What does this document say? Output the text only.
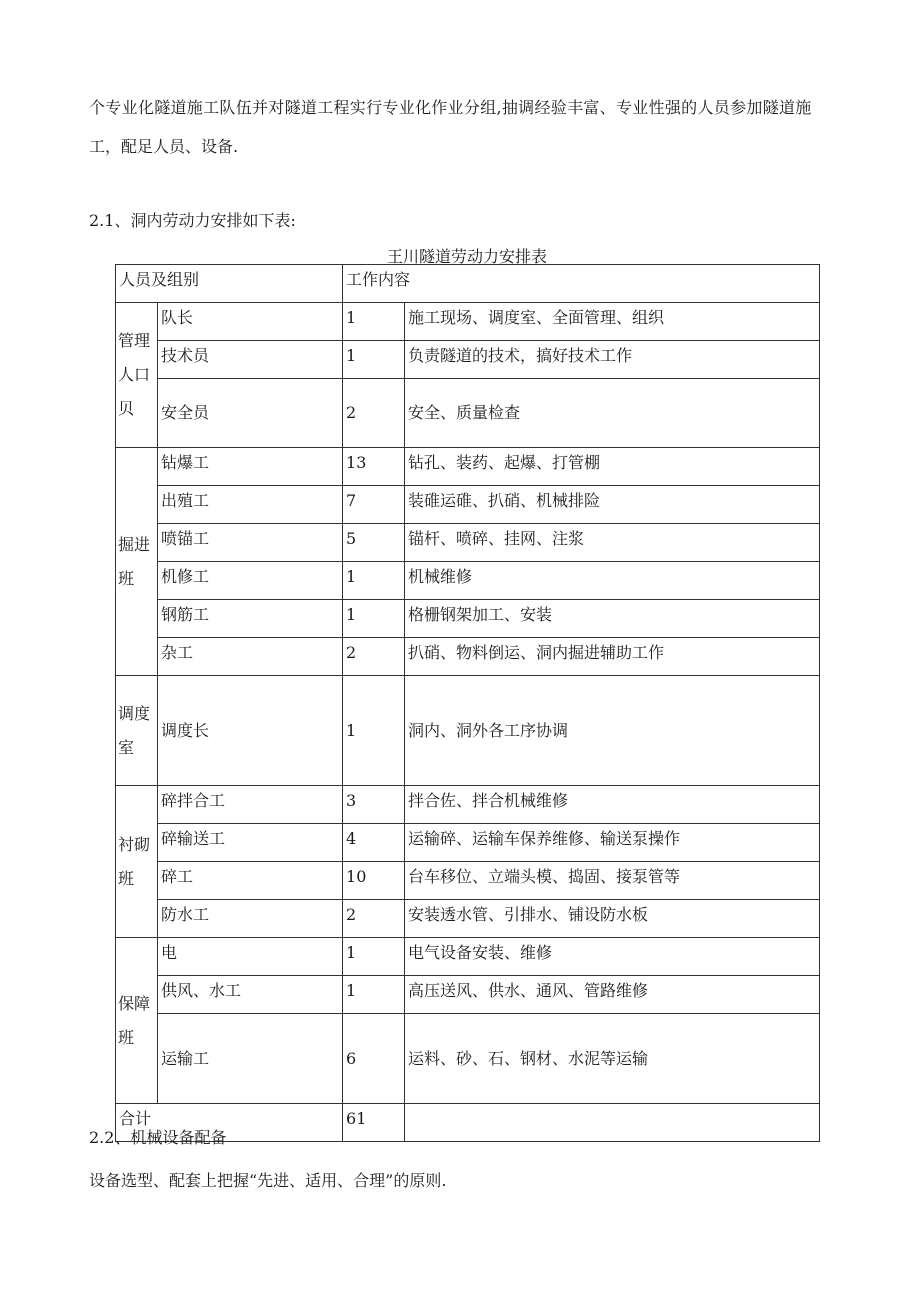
个专业化隧道施工队伍并对隧道工程实行专业化作业分组,抽调经验丰富、专业性强的人员参加隧道施
工，配足人员、设备.
2.1、洞内劳动力安排如下表:
王川隧道劳动力安排表
人员及组别		工作内容	
管理人口贝	队长	1	施工现场、调度室、全面管理、组织
	技术员	1	负责隧道的技术，搞好技术工作
	安全员	2	安全、质量检查
掘进班	钻爆工	13	钻孔、装药、起爆、打管棚
	出殖工	7	装碓运碓、扒硝、机械排险
	喷锚工	5	锚杆、喷碎、挂网、注浆
	机修工	1	机械维修
	钢筋工	1	格栅钢架加工、安装
	杂工	2	扒硝、物料倒运、洞内掘进辅助工作
调度室	调度长	1	洞内、洞外各工序协调
衬砌班	碎拌合工	3	拌合佐、拌合机械维修
	碎输送工	4	运输碎、运输车保养维修、输送泵操作
	碎工	10	台车移位、立端头模、捣固、接泵管等
	防水工	2	安装透水管、引排水、铺设防水板
保障班	电	1	电气设备安装、维修
	供风、水工	1	高压送风、供水、通风、管路维修
	运输工	6	运料、砂、石、钢材、水泥等运输
合计		61	
2.2、机械设备配备
设备选型、配套上把握“先进、适用、合理”的原则.
